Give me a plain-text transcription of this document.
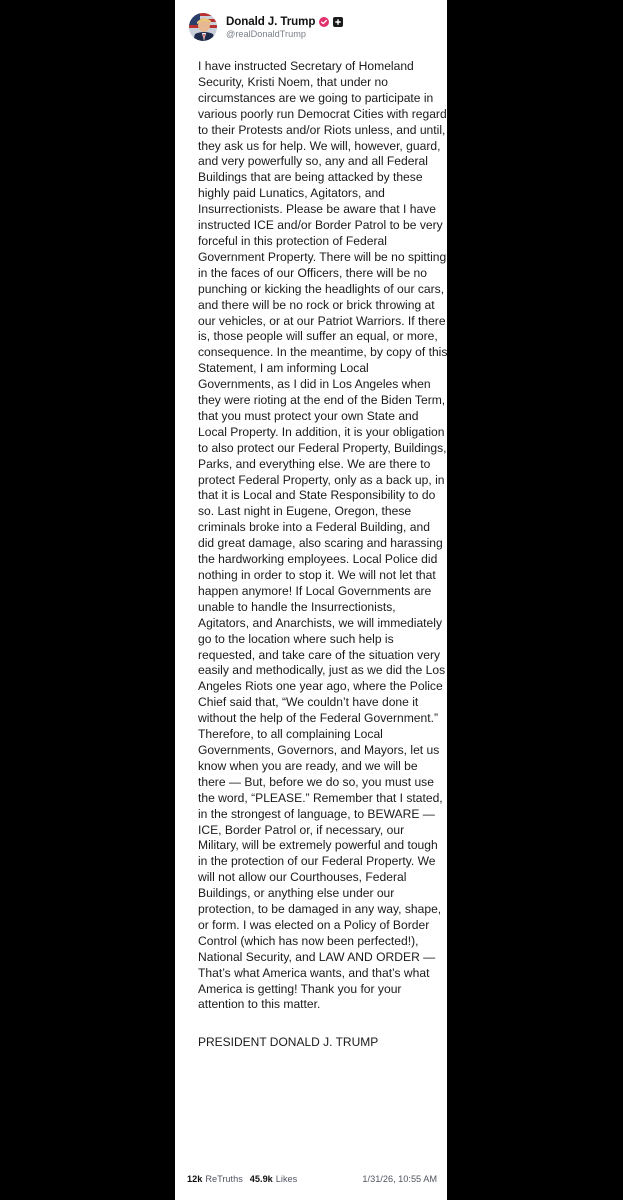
Donald J. Trump
@realDonaldTrump
I have instructed Secretary of Homeland Security, Kristi Noem, that under no circumstances are we going to participate in various poorly run Democrat Cities with regard to their Protests and/or Riots unless, and until, they ask us for help. We will, however, guard, and very powerfully so, any and all Federal Buildings that are being attacked by these highly paid Lunatics, Agitators, and Insurrectionists. Please be aware that I have instructed ICE and/or Border Patrol to be very forceful in this protection of Federal Government Property. There will be no spitting in the faces of our Officers, there will be no punching or kicking the headlights of our cars, and there will be no rock or brick throwing at our vehicles, or at our Patriot Warriors. If there is, those people will suffer an equal, or more, consequence. In the meantime, by copy of this Statement, I am informing Local Governments, as I did in Los Angeles when they were rioting at the end of the Biden Term, that you must protect your own State and Local Property. In addition, it is your obligation to also protect our Federal Property, Buildings, Parks, and everything else. We are there to protect Federal Property, only as a back up, in that it is Local and State Responsibility to do so. Last night in Eugene, Oregon, these criminals broke into a Federal Building, and did great damage, also scaring and harassing the hardworking employees. Local Police did nothing in order to stop it. We will not let that happen anymore! If Local Governments are unable to handle the Insurrectionists, Agitators, and Anarchists, we will immediately go to the location where such help is requested, and take care of the situation very easily and methodically, just as we did the Los Angeles Riots one year ago, where the Police Chief said that, “We couldn’t have done it without the help of the Federal Government.” Therefore, to all complaining Local Governments, Governors, and Mayors, let us know when you are ready, and we will be there — But, before we do so, you must use the word, “PLEASE.” Remember that I stated, in the strongest of language, to BEWARE — ICE, Border Patrol or, if necessary, our Military, will be extremely powerful and tough in the protection of our Federal Property. We will not allow our Courthouses, Federal Buildings, or anything else under our protection, to be damaged in any way, shape, or form. I was elected on a Policy of Border Control (which has now been perfected!), National Security, and LAW AND ORDER — That’s what America wants, and that’s what America is getting! Thank you for your attention to this matter.
PRESIDENT DONALD J. TRUMP
12k ReTruths 45.9k Likes	1/31/26, 10:55 AM
